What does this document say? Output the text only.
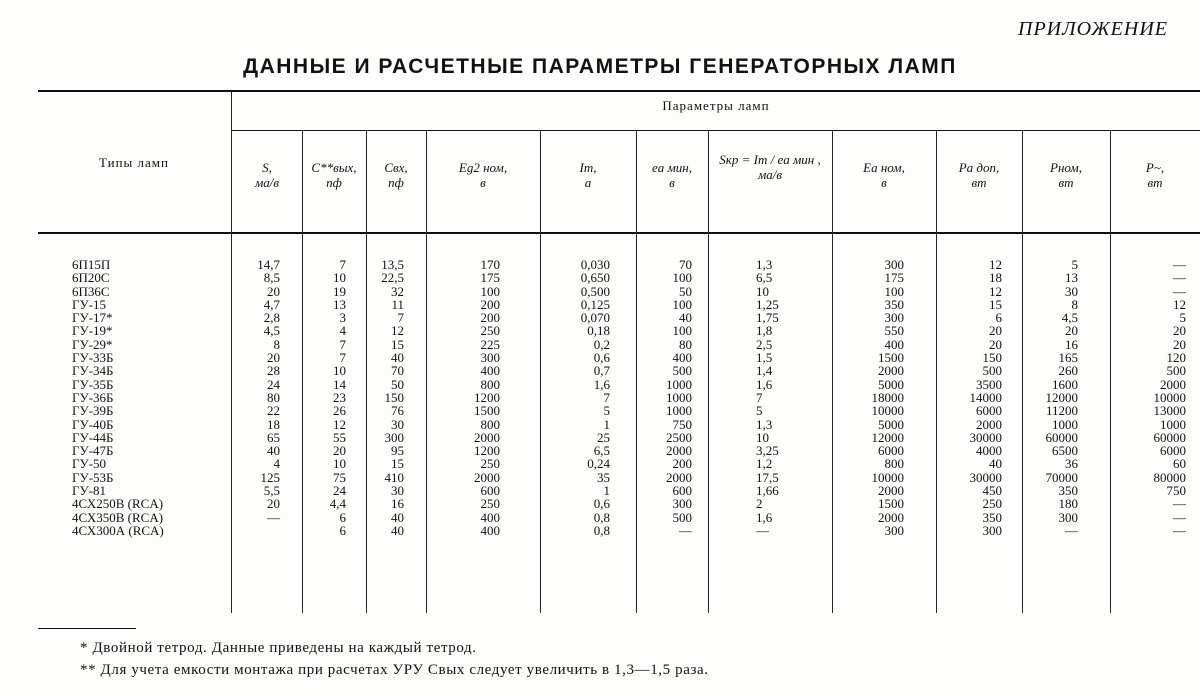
ПРИЛОЖЕНИЕ
ДАННЫЕ И РАСЧЕТНЫЕ ПАРАМЕТРЫ ГЕНЕРАТОРНЫХ ЛАМП
Параметры ламп
Типы ламп	S,
ма/в
C**вых,
пф
Cвх,
пф
Eg2 ном,
в
Im,
а
ea мин,
в
Sкр = Im / ea мин ,
ма/в	Ea ном,
в
Pa доп,
вт
Pном,
вт
P~,
вт
6П15П
6П20С
6П36С
ГУ-15
ГУ-17*
ГУ-19*
ГУ-29*
ГУ-33Б
ГУ-34Б
ГУ-35Б
ГУ-36Б
ГУ-39Б
ГУ-40Б
ГУ-44Б
ГУ-47Б
ГУ-50
ГУ-53Б
ГУ-81
4СХ250В (RCA)
4СХ350В (RCA)
4СХ300А (RCA)
14,7
8,5
20
4,7
2,8
4,5
8
20
28
24
80
22
18
65
40
4
125
5,5
20
—
7
10
19
13
3
4
7
7
10
14
23
26
12
55
20
10
75
24
4,4
6
6
13,5
22,5
32
11
7
12
15
40
70
50
150
76
30
300
95
15
410
30
16
40
40
170
175
100
200
200
250
225
300
400
800
1200
1500
800
2000
1200
250
2000
600
250
400
400
0,030
0,650
0,500
0,125
0,070
0,18
0,2
0,6
0,7
1,6
7
5
1
25
6,5
0,24
35
1
0,6
0,8
0,8
70
100
50
100
40
100
80
400
500
1000
1000
1000
750
2500
2000
200
2000
600
300
500
—
1,3
6,5
10
1,25
1,75
1,8
2,5
1,5
1,4
1,6
7
5
1,3
10
3,25
1,2
17,5
1,66
2
1,6
—
300
175
100
350
300
550
400
1500
2000
5000
18000
10000
5000
12000
6000
800
10000
2000
1500
2000
300
12
18
12
15
6
20
20
150
500
3500
14000
6000
2000
30000
4000
40
30000
450
250
350
300
5
13
30
8
4,5
20
16
165
260
1600
12000
11200
1000
60000
6500
36
70000
350
180
300
—
—
—
—
12
5
20
20
120
500
2000
10000
13000
1000
60000
6000
60
80000
750
—
—
—
* Двойной тетрод. Данные приведены на каждый тетрод.
** Для учета емкости монтажа при расчетах УРУ Cвых следует увеличить в 1,3—1,5 раза.
